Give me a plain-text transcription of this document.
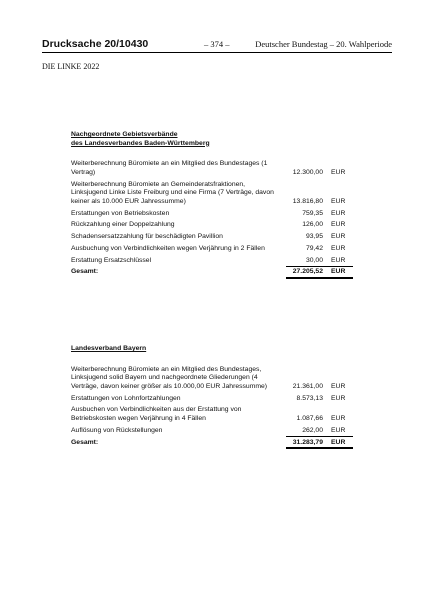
Drucksache 20/10430	– 374 –	Deutscher Bundestag – 20. Wahlperiode
DIE LINKE 2022
Nachgeordnete Gebietsverbände
des Landesverbandes Baden-Württemberg
Weiterberechnung Büromiete an ein Mitglied des Bundestages (1 Vertrag)	12.300,00 EUR
Weiterberechnung Büromiete an Gemeinderatsfraktionen, Linksjugend Linke Liste Freiburg und eine Firma (7 Verträge, davon keiner als 10.000 EUR Jahressumme)	13.816,80 EUR
Erstattungen von Betriebskosten	759,35 EUR
Rückzahlung einer Doppelzahlung	126,00 EUR
Schadensersatzzahlung für beschädigten Pavillion	93,95 EUR
Ausbuchung von Verbindlichkeiten wegen Verjährung in 2 Fällen	79,42 EUR
Erstattung Ersatzschlüssel	30,00 EUR
Gesamt:	27.205,52 EUR
Landesverband Bayern
Weiterberechnung Büromiete an ein Mitglied des Bundestages, Linksjugend solid Bayern und nachgeordnete Gliederungen (4 Verträge, davon keiner größer als 10.000,00 EUR Jahressumme)	21.361,00 EUR
Erstattungen von Lohnfortzahlungen	8.573,13 EUR
Ausbuchen von Verbindlichkeiten aus der Erstattung von Betriebskosten wegen Verjährung in 4 Fällen	1.087,66 EUR
Auflösung von Rückstellungen	262,00 EUR
Gesamt:	31.283,79 EUR
